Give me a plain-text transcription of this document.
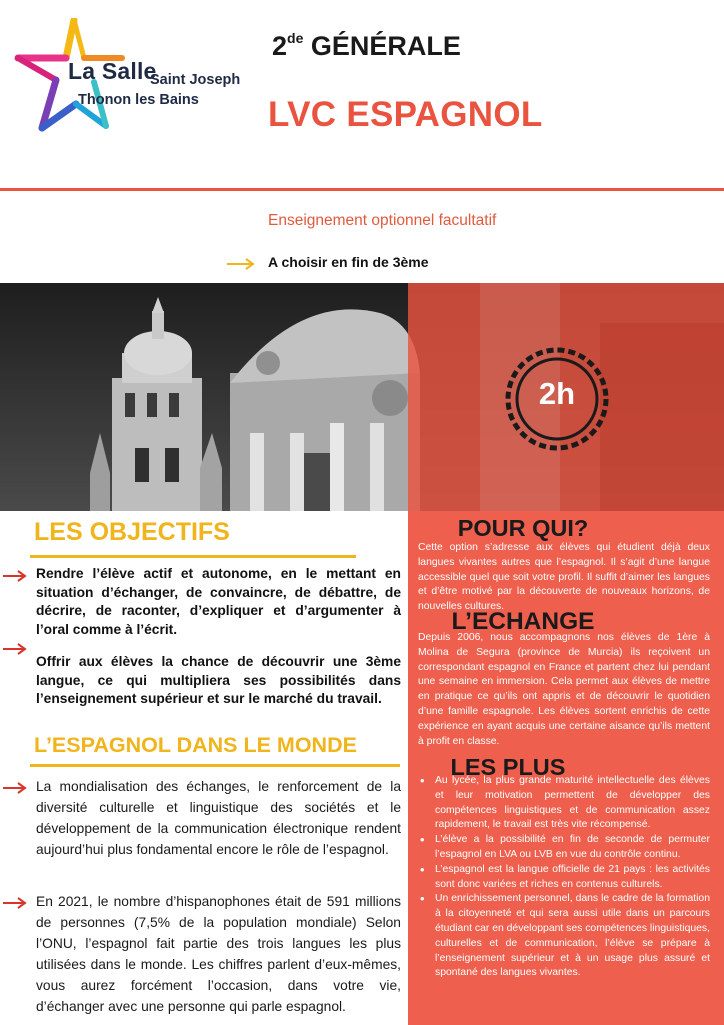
La Salle
Saint Joseph
Thonon les Bains
2de GÉNÉRALE
LVC ESPAGNOL
Enseignement optionnel facultatif
A choisir en fin de 3ème
2h
LES OBJECTIFS
Rendre l’élève actif et autonome, en le mettant en situation d’échanger, de convaincre, de débattre, de décrire, de raconter, d’expliquer et d’argumenter à l’oral comme à l’écrit.
Offrir aux élèves la chance de découvrir une 3ème langue, ce qui multipliera ses possibilités dans l’enseignement supérieur et sur le marché du travail.
L’ESPAGNOL DANS LE MONDE
La mondialisation des échanges, le renforcement de la diversité culturelle et linguistique des sociétés et le développement de la communication électronique rendent aujourd’hui plus fondamental encore le rôle de l’espagnol.
En 2021, le nombre d’hispanophones était de 591 millions de personnes (7,5% de la population mondiale) Selon l’ONU, l’espagnol fait partie des trois langues les plus utilisées dans le monde. Les chiffres parlent d’eux-mêmes, vous aurez forcément l’occasion, dans votre vie, d’échanger avec une personne qui parle espagnol.
POUR QUI?
Cette option s’adresse aux élèves qui étudient déjà deux langues vivantes autres que l’espagnol. Il s’agit d’une langue accessible quel que soit votre profil. Il suffit d’aimer les langues et d’être motivé par la découverte de nouveaux horizons, de nouvelles cultures.
L’ECHANGE
Depuis 2006, nous accompagnons nos élèves de 1ère à Molina de Segura (province de Murcia) ils reçoivent un correspondant espagnol en France et partent chez lui pendant une semaine en immersion. Cela permet aux élèves de mettre en pratique ce qu’ils ont appris et de découvrir le quotidien d’une famille espagnole. Les élèves sortent enrichis de cette expérience en ayant acquis une certaine aisance qu’ils mettent à profit en classe.
LES PLUS
• Au lycée, la plus grande maturité intellectuelle des élèves et leur motivation permettent de développer des compétences linguistiques et de communication assez rapidement, le travail est très vite récompensé.
• L’élève a la possibilité en fin de seconde de permuter l’espagnol en LVA ou LVB en vue du contrôle continu.
• L’espagnol est la langue officielle de 21 pays : les activités sont donc variées et riches en contenus culturels.
• Un enrichissement personnel, dans le cadre de la formation à la citoyenneté et qui sera aussi utile dans un parcours étudiant car en développant ses compétences linguistiques, culturelles et de communication, l’élève se prépare à l’enseignement supérieur et à un usage plus assuré et spontané des langues vivantes.
